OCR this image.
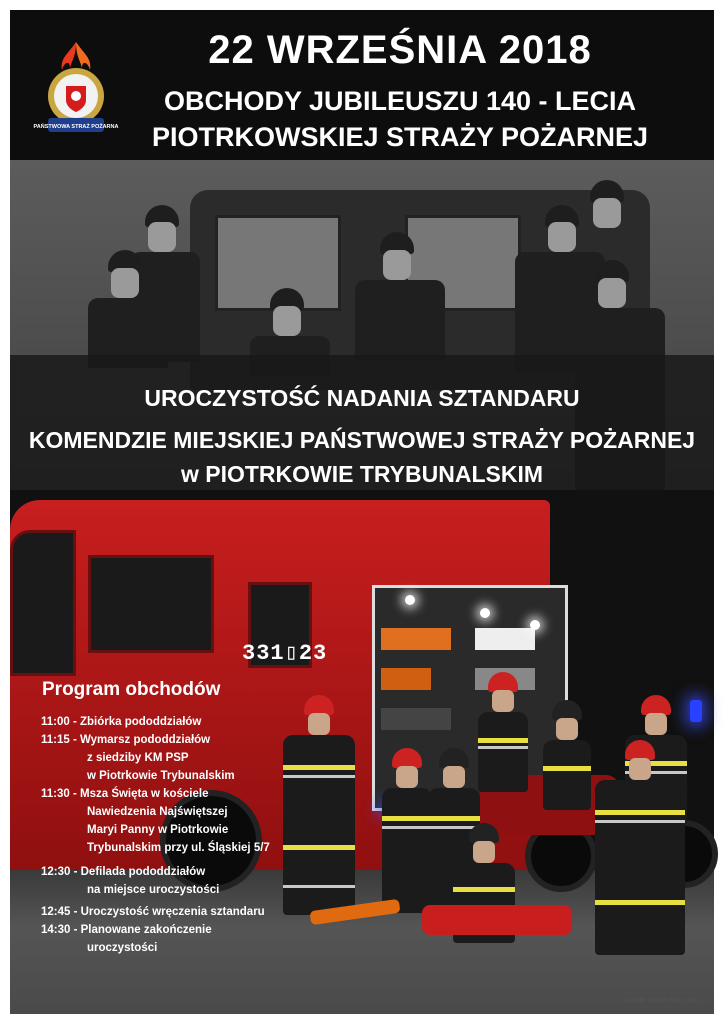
PAŃSTWOWA STRAŻ POŻARNA
22 WRZEŚNIA 2018
OBCHODY JUBILEUSZU 140 - LECIA
PIOTRKOWSKIEJ STRAŻY POŻARNEJ
UROCZYSTOŚĆ NADANIA SZTANDARU
KOMENDZIE MIEJSKIEJ PAŃSTWOWEJ STRAŻY POŻARNEJ
w PIOTRKOWIE TRYBUNALSKIM
331▯23
Program obchodów
11:00 - Zbiórka pododdziałów
11:15 - Wymarsz pododdziałów
z siedziby KM PSP
w Piotrkowie Trybunalskim
11:30 - Msza Święta w kościele
Nawiedzenia Najświętszej
Maryi Panny w Piotrkowie
Trybunalskim przy ul. Śląskiej 5/7
12:30 - Defilada pododdziałów
na miejsce uroczystości
12:45 - Uroczystość wręczenia sztandaru
14:30 - Planowane zakończenie
uroczystości
Lamar Serwis Sp. z o.o.
